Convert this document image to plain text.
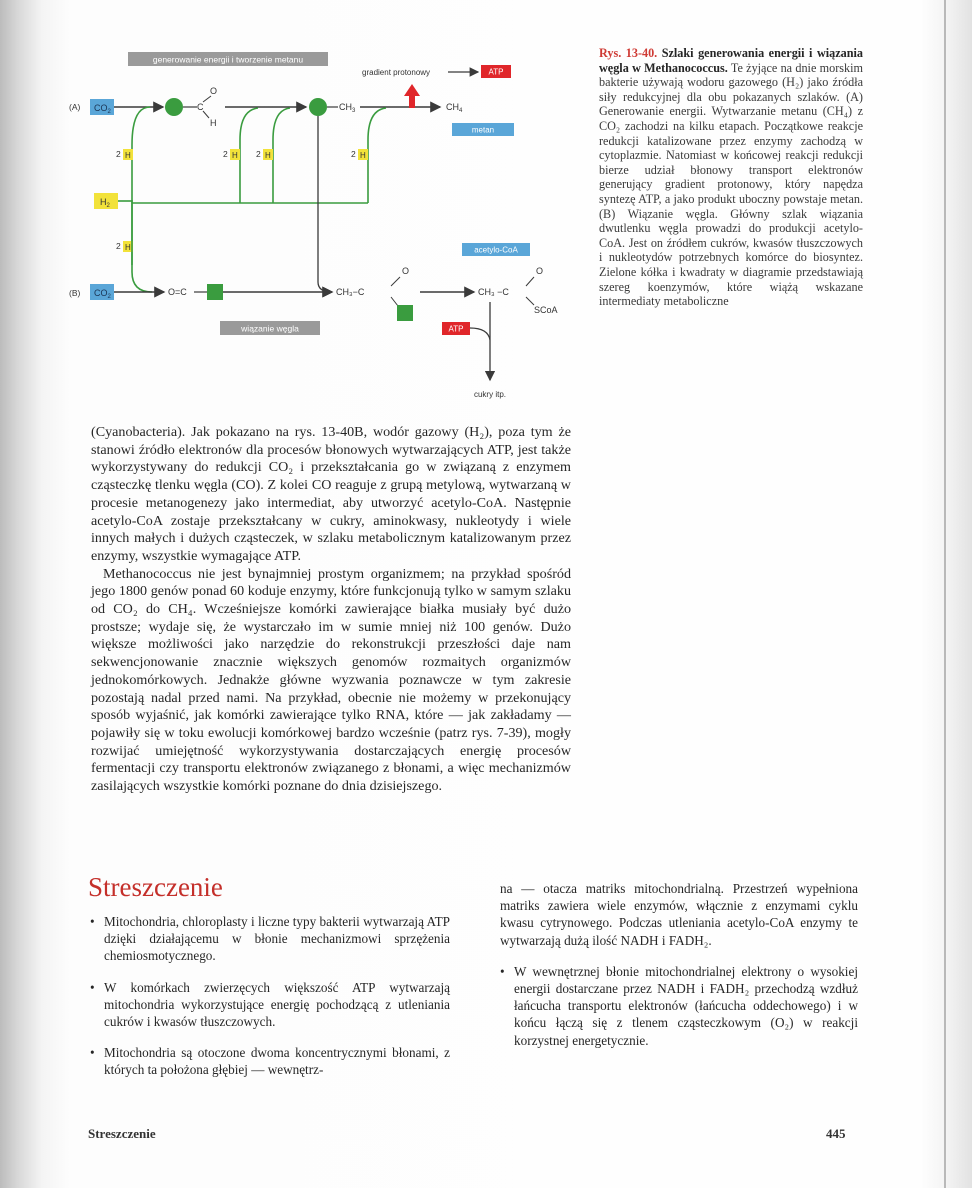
generowanie energii i tworzenie metanu
(A)
(B)
$CO_2$	C
O
H
$CH_3$	$CH_4$
metan
gradient protonowy	ATP
2 H	2 H 2 H	2 H
$H_2$
2 H
$CO_2$	O=C	CH₃−C
O
acetylo-CoA
CH₃ −C
O
SCoA
wiązanie węgla	ATP
cukry itp.
Rys. 13-40. Szlaki generowania energii i wiązania węgla w Methanococcus. Te żyjące na dnie morskim bakterie używają wodoru gazowego (H₂) jako źródła siły redukcyjnej dla obu pokazanych szlaków. (A) Generowanie energii. Wytwarzanie metanu (CH₄) z CO₂ zachodzi na kilku etapach. Początkowe reakcje redukcji katalizowane przez enzymy zachodzą w cytoplazmie. Natomiast w końcowej reakcji redukcji bierze udział błonowy transport elektronów generujący gradient protonowy, który napędza syntezę ATP, a jako produkt uboczny powstaje metan. (B) Wiązanie węgla. Główny szlak wiązania dwutlenku węgla prowadzi do produkcji acetylo-CoA. Jest on źródłem cukrów, kwasów tłuszczowych i nukleotydów potrzebnych komórce do biosyntez. Zielone kółka i kwadraty w diagramie przedstawiają szereg koenzymów, które wiążą wskazane intermediaty metaboliczne

(Cyanobacteria). Jak pokazano na rys. 13-40B, wodór gazowy (H₂), poza tym że stanowi źródło elektronów dla procesów błonowych wytwarzających ATP, jest także wykorzystywany do redukcji CO₂ i przekształcania go w związaną z enzymem cząsteczkę tlenku węgla (CO). Z kolei CO reaguje z grupą metylową, wytwarzaną w procesie metanogenezy jako intermediat, aby utworzyć acetylo-CoA. Następnie acetylo-CoA zostaje przekształcany w cukry, aminokwasy, nukleotydy i wiele innych małych i dużych cząsteczek, w szlaku metabolicznym katalizowanym przez enzymy, wszystkie wymagające ATP.

Methanococcus nie jest bynajmniej prostym organizmem; na przykład spośród jego 1800 genów ponad 60 koduje enzymy, które funkcjonują tylko w samym szlaku od CO₂ do CH₄. Wcześniejsze komórki zawierające białka musiały być dużo prostsze; wydaje się, że wystarczało im w sumie mniej niż 100 genów. Dużo większe możliwości jako narzędzie do rekonstrukcji przeszłości daje nam sekwencjonowanie znacznie większych genomów rozmaitych organizmów jednokomórkowych. Jednakże główne wyzwania poznawcze w tym zakresie pozostają nadal przed nami. Na przykład, obecnie nie możemy w przekonujący sposób wyjaśnić, jak komórki zawierające tylko RNA, które — jak zakładamy — pojawiły się w toku ewolucji komórkowej bardzo wcześnie (patrz rys. 7-39), mogły rozwijać umiejętność wykorzystywania dostarczających energię procesów fermentacji czy transportu elektronów związanego z błonami, a więc mechanizmów zasilających wszystkie komórki poznane do dnia dzisiejszego.

Streszczenie
• Mitochondria, chloroplasty i liczne typy bakterii wytwarzają ATP dzięki działającemu w błonie mechanizmowi sprzężenia chemiosmotycznego.
• W komórkach zwierzęcych większość ATP wytwarzają mitochondria wykorzystujące energię pochodzącą z utleniania cukrów i kwasów tłuszczowych.
• Mitochondria są otoczone dwoma koncentrycznymi błonami, z których ta położona głębiej — wewnętrz-
na — otacza matriks mitochondrialną. Przestrzeń wypełniona matriks zawiera wiele enzymów, włącznie z enzymami cyklu kwasu cytrynowego. Podczas utleniania acetylo-CoA enzymy te wytwarzają dużą ilość NADH i FADH₂.
• W wewnętrznej błonie mitochondrialnej elektrony o wysokiej energii dostarczane przez NADH i FADH₂ przechodzą wzdłuż łańcucha transportu elektronów (łańcucha oddechowego) i w końcu łączą się z tlenem cząsteczkowym (O₂) w reakcji korzystnej energetycznie.
Streszczenie	445
